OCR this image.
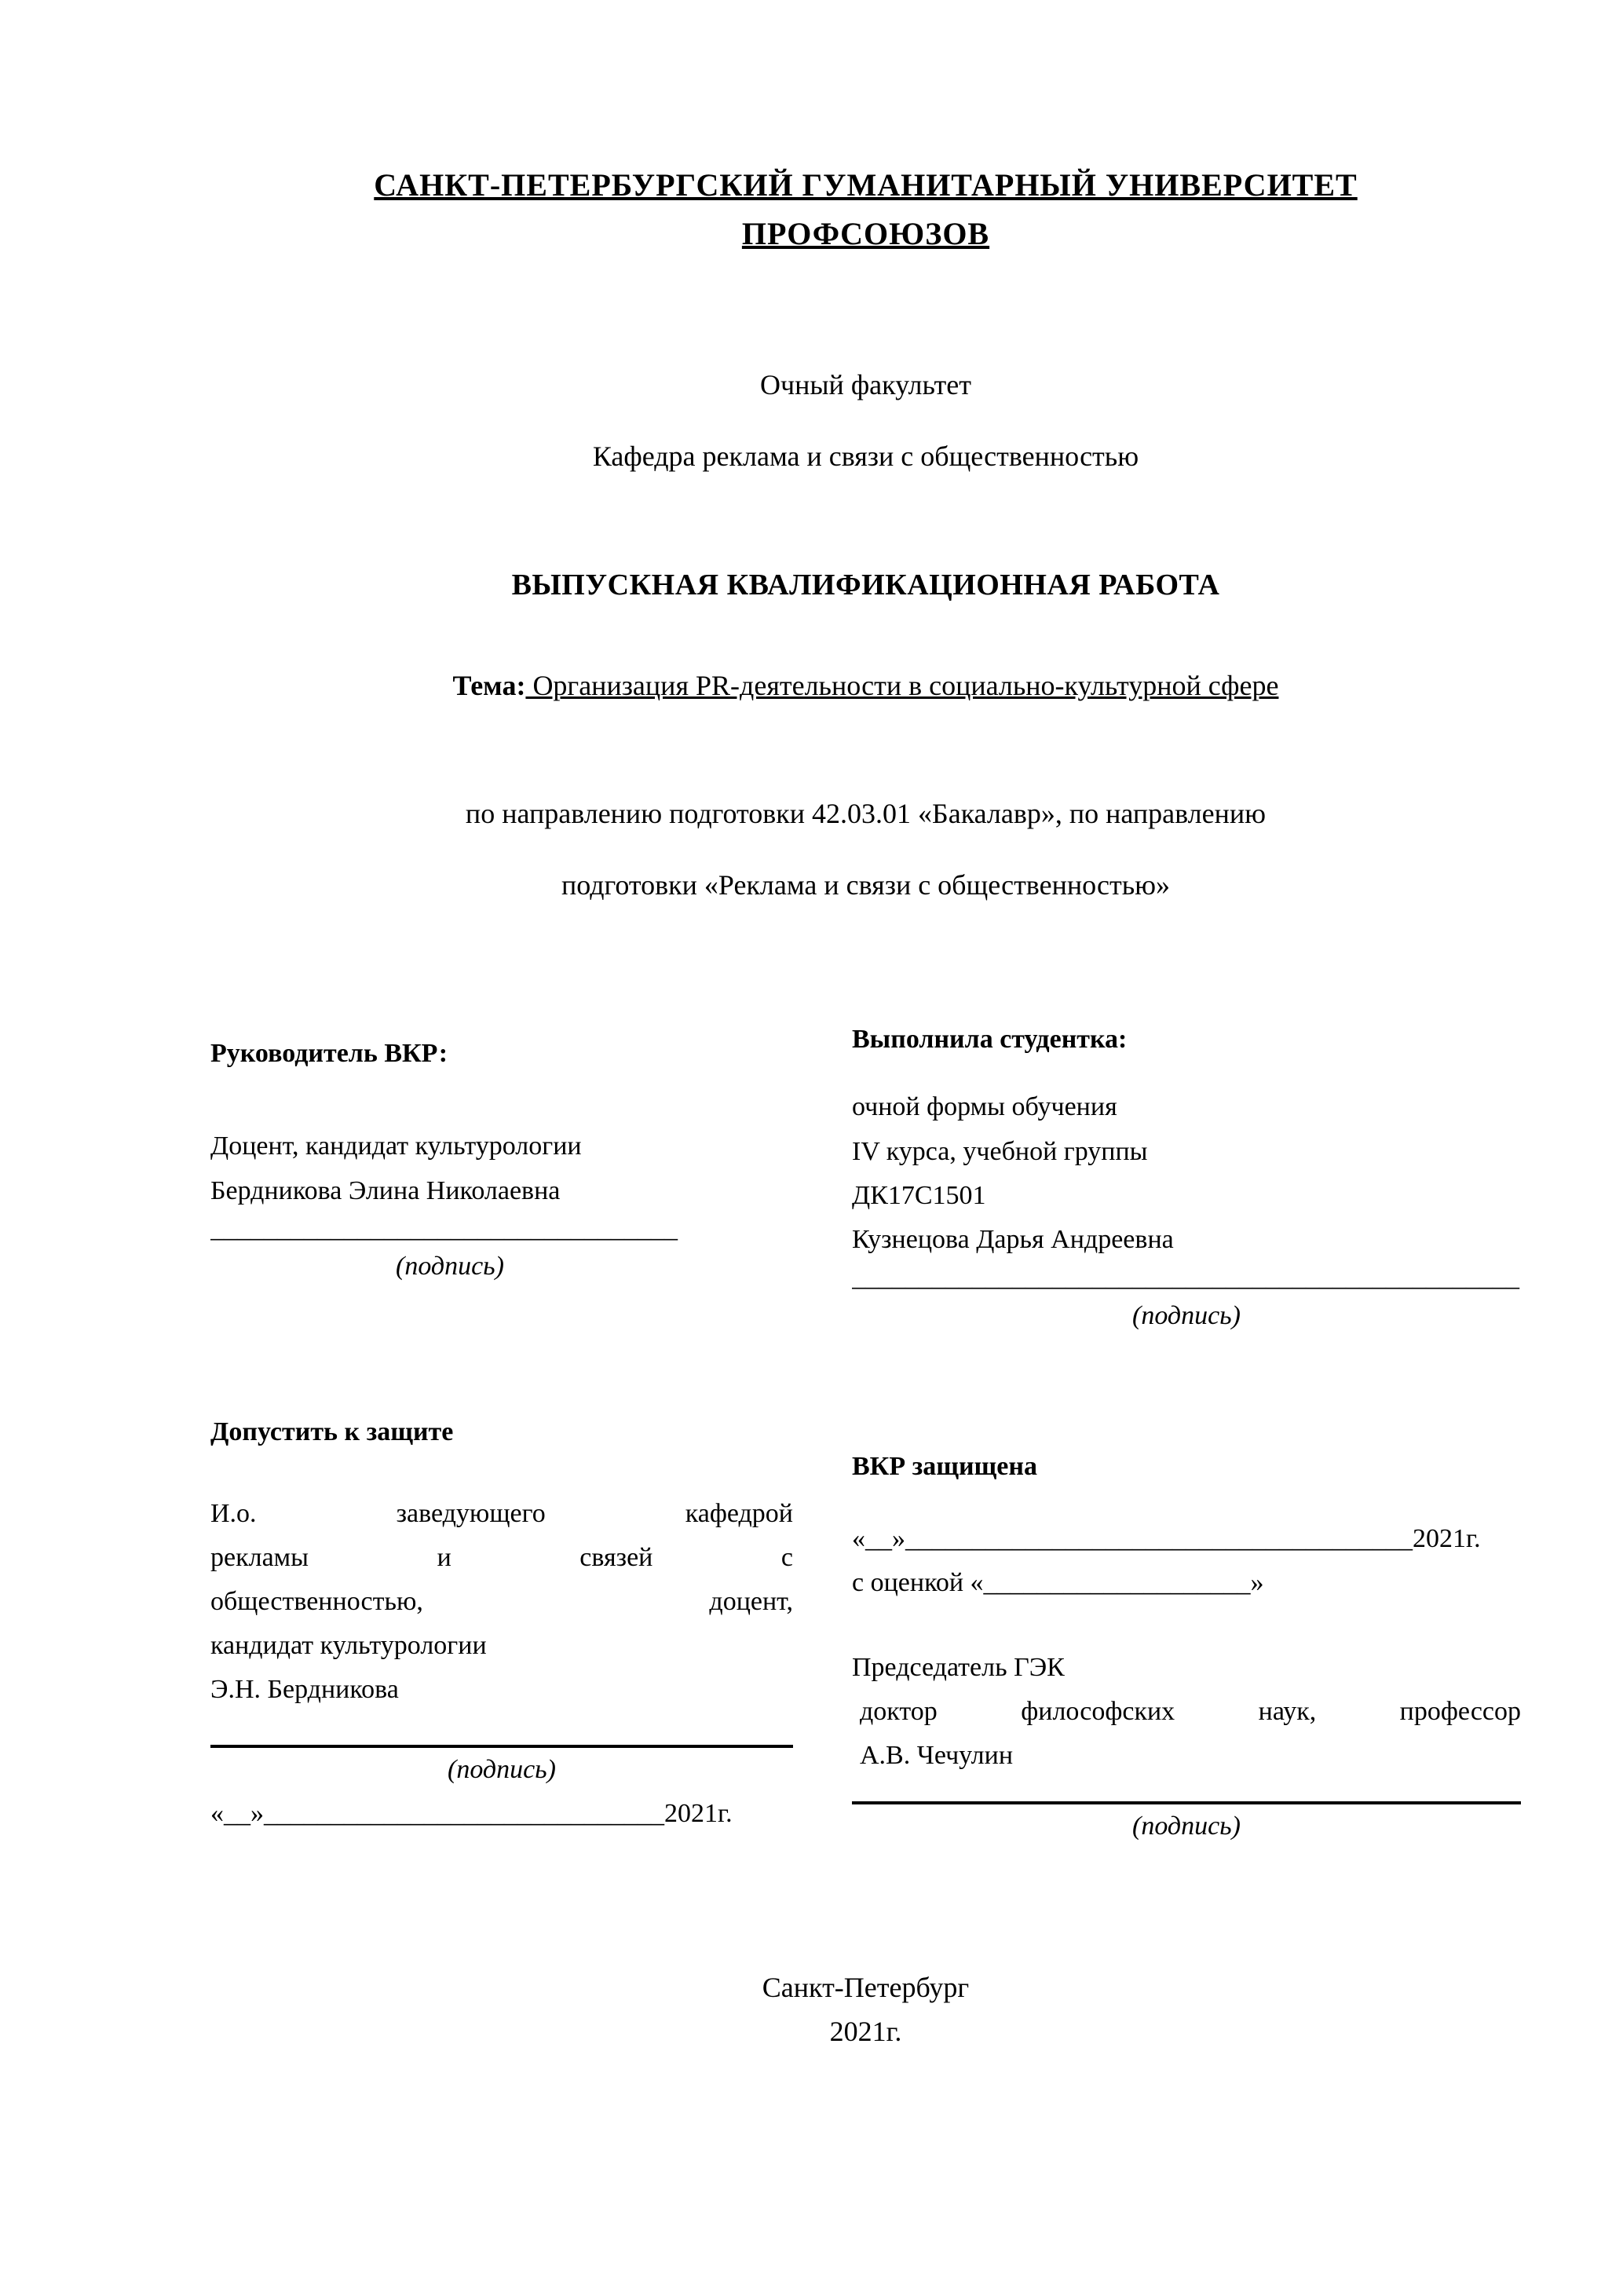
САНКТ-ПЕТЕРБУРГСКИЙ ГУМАНИТАРНЫЙ УНИВЕРСИТЕТ
ПРОФСОЮЗОВ
Очный факультет
Кафедра реклама и связи с общественностью
ВЫПУСКНАЯ КВАЛИФИКАЦИОННАЯ РАБОТА
Тема: Организация PR-деятельности в социально-культурной сфере
по направлению подготовки 42.03.01 «Бакалавр», по направлению
подготовки «Реклама и связи с общественностью»
Руководитель ВКР:
Доцент, кандидат культурологии
Бердникова Элина Николаевна
___________________________________
(подпись)
Выполнила студентка:
очной формы обучения
IV курса, учебной группы
ДК17С1501
Кузнецова Дарья Андреевна
__________________________________________________
(подпись)
Допустить к защите
И.о. заведующего кафедрой
рекламы и связей с
общественностью, доцент,
кандидат культурологии
Э.Н. Бердникова
(подпись)
«__»______________________________2021г.
ВКР защищена
«__»______________________________________2021г.
с оценкой «____________________»
Председатель ГЭК
доктор философских наук, профессор
А.В. Чечулин
(подпись)
Санкт-Петербург
2021г.
